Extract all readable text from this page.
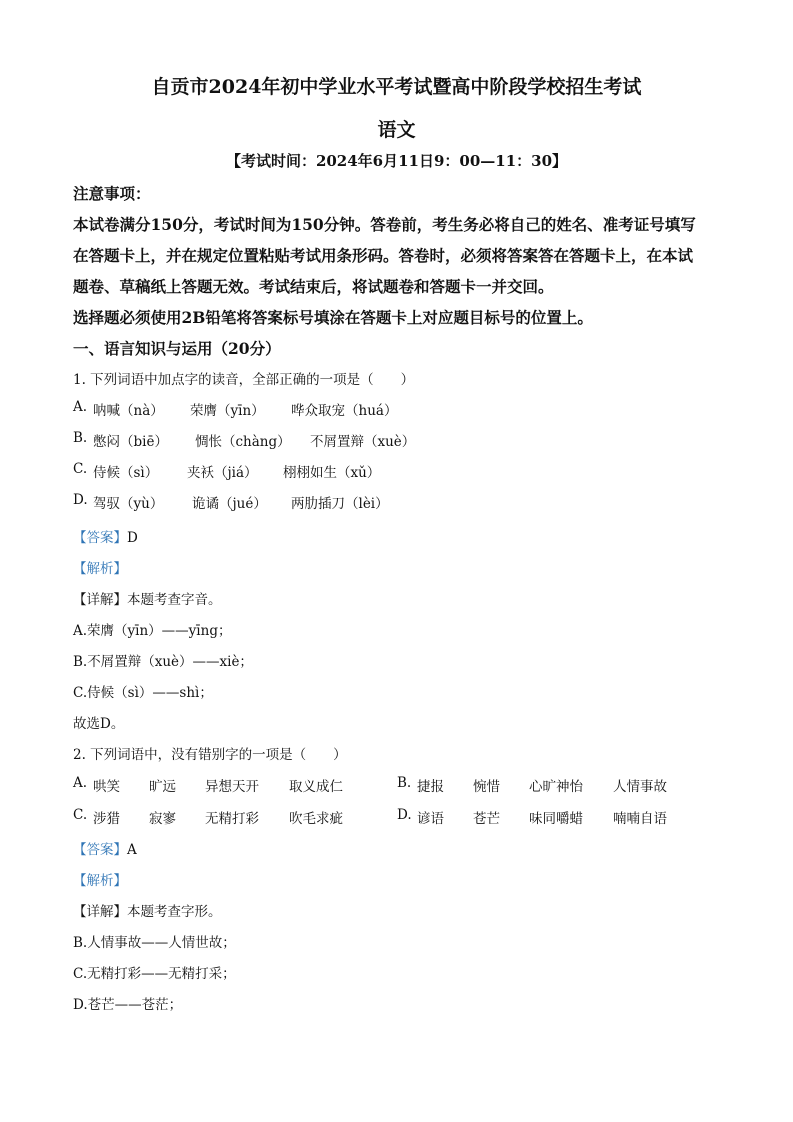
自贡市2024年初中学业水平考试暨高中阶段学校招生考试
语文
【考试时间：2024年6月11日9：00—11：30】
注意事项：
本试卷满分150分，考试时间为150分钟。答卷前，考生务必将自己的姓名、准考证号填写
在答题卡上，并在规定位置粘贴考试用条形码。答卷时，必须将答案答在答题卡上，在本试
题卷、草稿纸上答题无效。考试结束后，将试题卷和答题卡一并交回。
选择题必须使用2B铅笔将答案标号填涂在答题卡上对应题目标号的位置上。
一、语言知识与运用（20分）
1. 下列词语中加点字的读音，全部正确的一项是（　　）
A. 呐喊（nà） 荣膺（yīn） 哗众取宠（huá）
B. 憋闷（biē） 惆怅（chàng） 不屑置辩（xuè）
C. 侍候（sì） 夹袄（jiá） 栩栩如生（xǔ）
D. 驾驭（yù） 诡谲（jué） 两肋插刀（lèi）
【答案】D
【解析】
【详解】本题考查字音。
A.荣膺（yīn）——yīng；
B.不屑置辩（xuè）——xiè；
C.侍候（sì）——shì；
故选D。
2. 下列词语中，没有错别字的一项是（　　）
A. 哄笑 旷远 异想天开 取义成仁	B. 捷报 惋惜 心旷神怡 人情事故
C. 涉猎 寂寥 无精打彩 吹毛求疵	D. 谚语 苍芒 味同嚼蜡 喃喃自语
【答案】A
【解析】
【详解】本题考查字形。
B.人情事故——人情世故；
C.无精打彩——无精打采；
D.苍芒——苍茫；
